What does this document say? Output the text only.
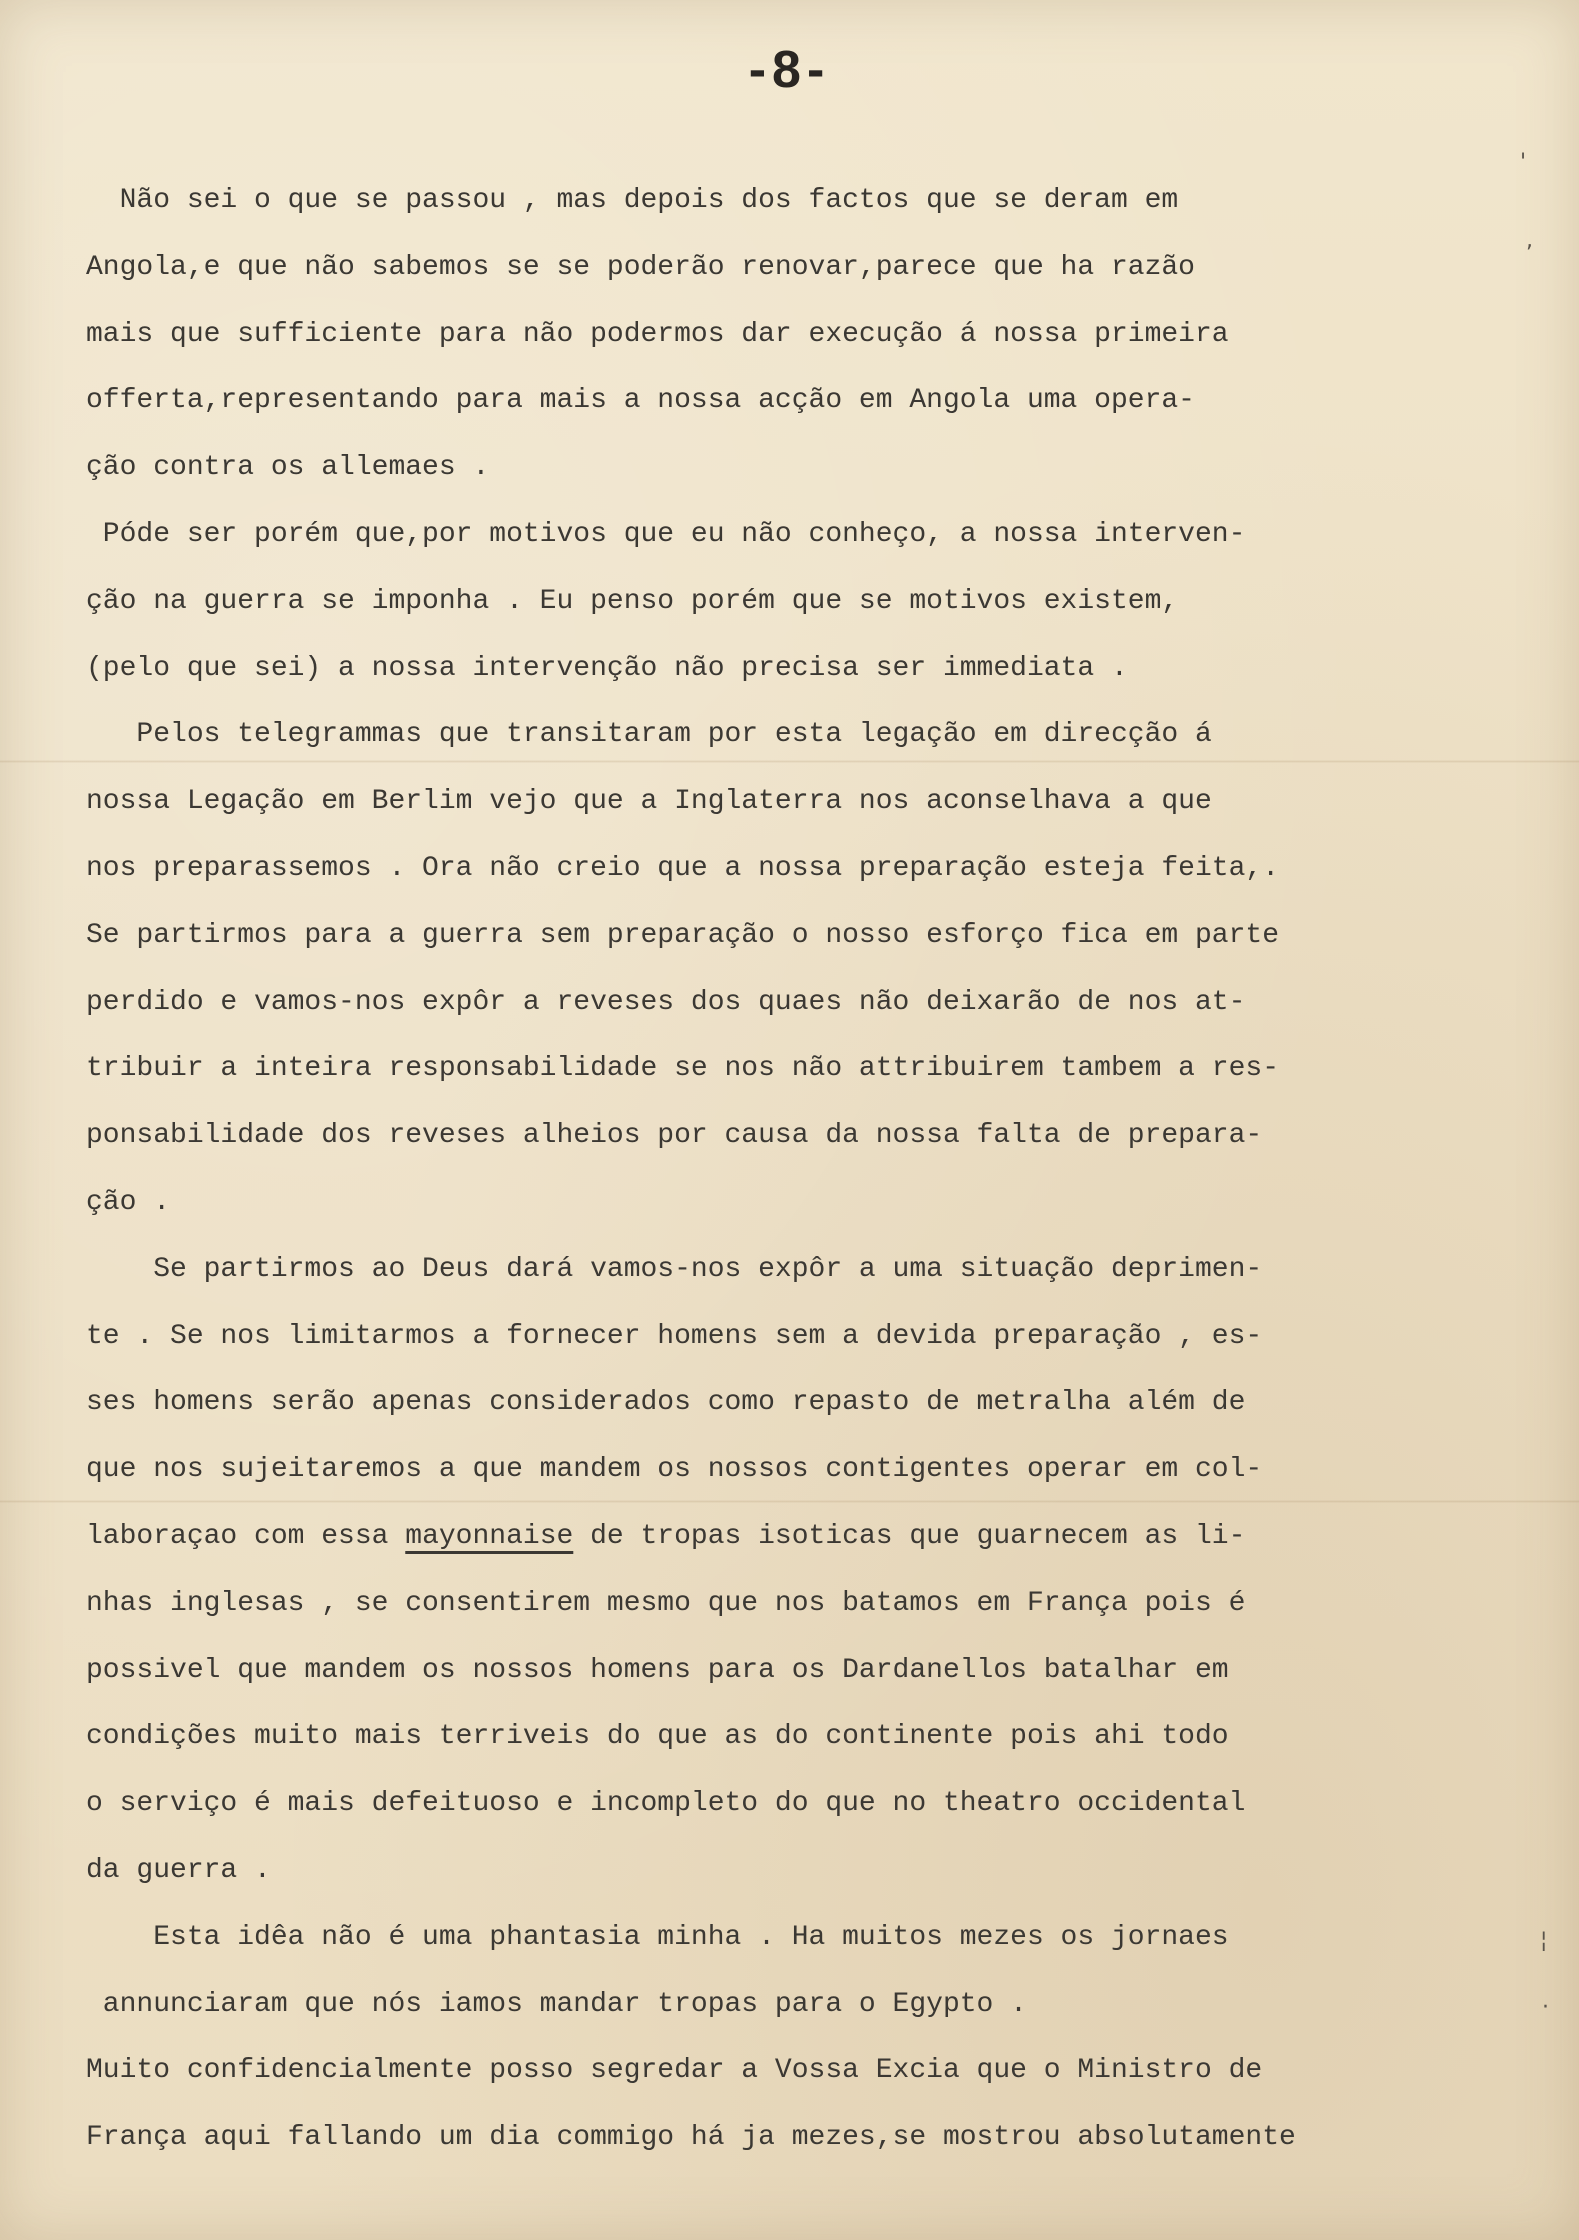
-8-
Não sei o que se passou , mas depois dos factos que se deram em
Angola,e que não sabemos se se poderão renovar,parece que ha razão
mais que sufficiente para não podermos dar execução á nossa primeira
offerta,representando para mais a nossa acção em Angola uma opera-
ção contra os allemaes .
Póde ser porém que,por motivos que eu não conheço, a nossa interven-
ção na guerra se imponha . Eu penso porém que se motivos existem,
(pelo que sei) a nossa intervenção não precisa ser immediata .
Pelos telegrammas que transitaram por esta legação em direcção á
nossa Legação em Berlim vejo que a Inglaterra nos aconselhava a que
nos preparassemos . Ora não creio que a nossa preparação esteja feita,.
Se partirmos para a guerra sem preparação o nosso esforço fica em parte
perdido e vamos-nos expôr a reveses dos quaes não deixarão de nos at-
tribuir a inteira responsabilidade se nos não attribuirem tambem a res-
ponsabilidade dos reveses alheios por causa da nossa falta de prepara-
ção .
Se partirmos ao Deus dará vamos-nos expôr a uma situação deprimen-
te . Se nos limitarmos a fornecer homens sem a devida preparação , es-
ses homens serão apenas considerados como repasto de metralha além de
que nos sujeitaremos a que mandem os nossos contigentes operar em col-
laboraçao com essa mayonnaise de tropas isoticas que guarnecem as li-
nhas inglesas , se consentirem mesmo que nos batamos em França pois é
possivel que mandem os nossos homens para os Dardanellos batalhar em
condições muito mais terriveis do que as do continente pois ahi todo
o serviço é mais defeituoso e incompleto do que no theatro occidental
da guerra .
Esta idêa não é uma phantasia minha . Ha muitos mezes os jornaes
annunciaram que nós iamos mandar tropas para o Egypto .
Muito confidencialmente posso segredar a Vossa Excia que o Ministro de
França aqui fallando um dia commigo há ja mezes,se mostrou absolutamente
'
,
¦
·
